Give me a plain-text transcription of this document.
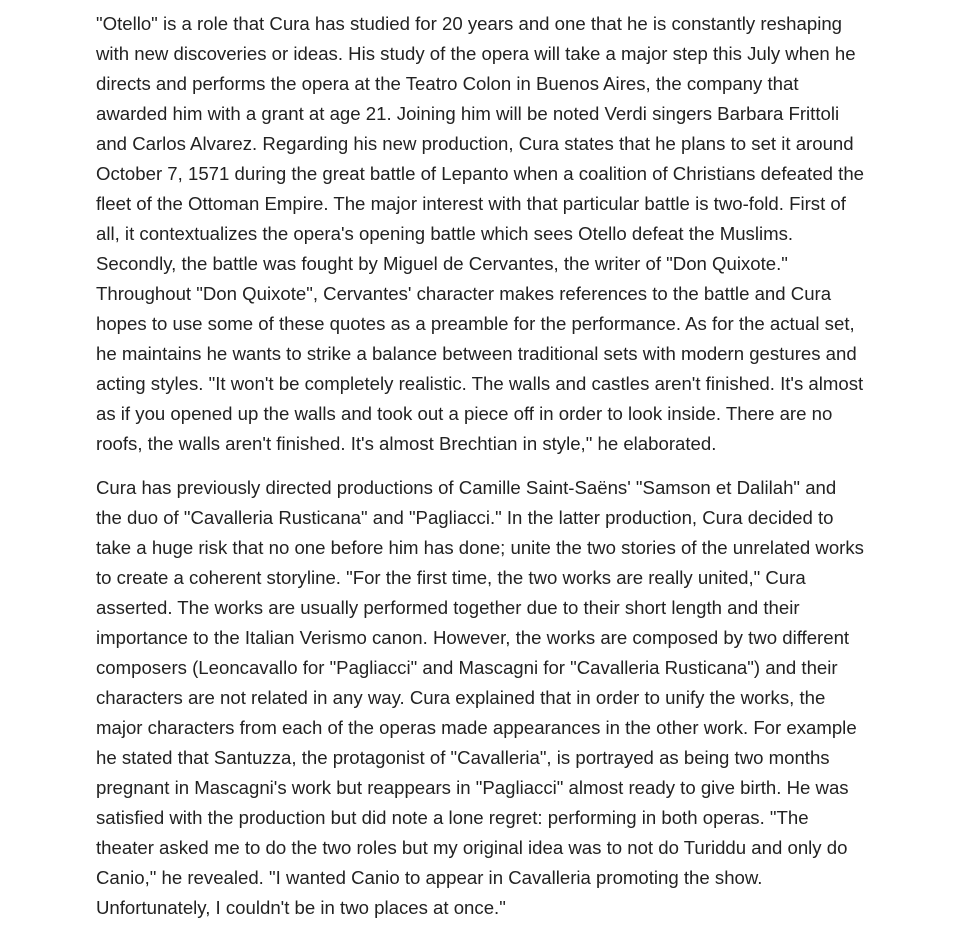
"Otello" is a role that Cura has studied for 20 years and one that he is constantly reshaping
with new discoveries or ideas. His study of the opera will take a major step this July when he
directs and performs the opera at the Teatro Colon in Buenos Aires, the company that
awarded him with a grant at age 21. Joining him will be noted Verdi singers Barbara Frittoli
and Carlos Alvarez. Regarding his new production, Cura states that he plans to set it around
October 7, 1571 during the great battle of Lepanto when a coalition of Christians defeated the
fleet of the Ottoman Empire. The major interest with that particular battle is two-fold. First of
all, it contextualizes the opera's opening battle which sees Otello defeat the Muslims.
Secondly, the battle was fought by Miguel de Cervantes, the writer of "Don Quixote."
Throughout "Don Quixote", Cervantes' character makes references to the battle and Cura
hopes to use some of these quotes as a preamble for the performance. As for the actual set,
he maintains he wants to strike a balance between traditional sets with modern gestures and
acting styles. "It won't be completely realistic. The walls and castles aren't finished. It's almost
as if you opened up the walls and took out a piece off in order to look inside. There are no
roofs, the walls aren't finished. It's almost Brechtian in style," he elaborated.

Cura has previously directed productions of Camille Saint-Saëns' "Samson et Dalilah" and
the duo of "Cavalleria Rusticana" and "Pagliacci." In the latter production, Cura decided to
take a huge risk that no one before him has done; unite the two stories of the unrelated works
to create a coherent storyline. "For the first time, the two works are really united," Cura
asserted. The works are usually performed together due to their short length and their
importance to the Italian Verismo canon. However, the works are composed by two different
composers (Leoncavallo for "Pagliacci" and Mascagni for "Cavalleria Rusticana") and their
characters are not related in any way. Cura explained that in order to unify the works, the
major characters from each of the operas made appearances in the other work. For example
he stated that Santuzza, the protagonist of "Cavalleria", is portrayed as being two months
pregnant in Mascagni's work but reappears in "Pagliacci" almost ready to give birth. He was
satisfied with the production but did note a lone regret: performing in both operas. "The
theater asked me to do the two roles but my original idea was to not do Turiddu and only do
Canio," he revealed. "I wanted Canio to appear in Cavalleria promoting the show.
Unfortunately, I couldn't be in two places at once."
